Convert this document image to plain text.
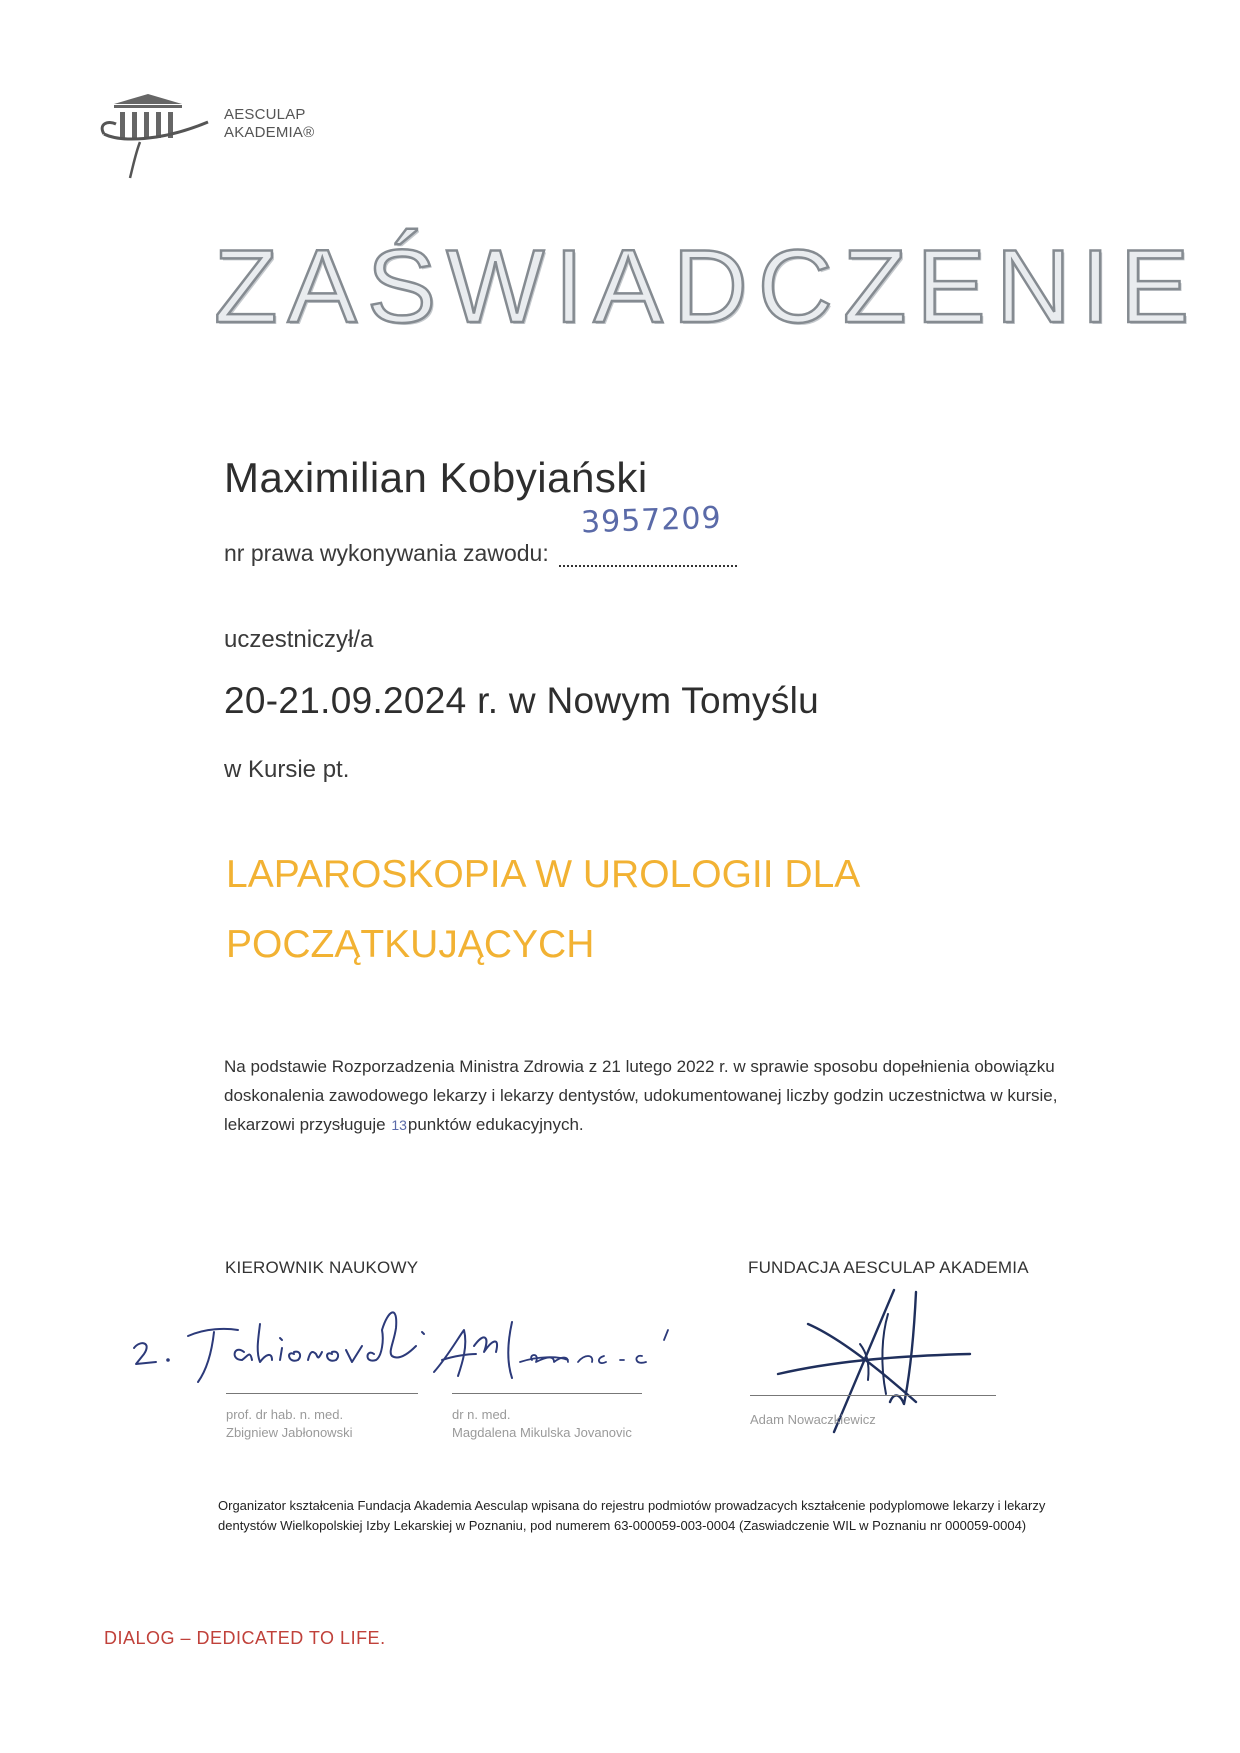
AESCULAP
AKADEMIA®
ZAŚWIADCZENIE
Maximilian Kobyiański
nr prawa wykonywania zawodu:
3957209
uczestniczył/a
20-21.09.2024 r. w Nowym Tomyślu
w Kursie pt.
LAPAROSKOPIA W UROLOGII DLA
POCZĄTKUJĄCYCH
Na podstawie Rozporzadzenia Ministra Zdrowia z 21 lutego 2022 r. w sprawie sposobu dopełnienia obowiązku
doskonalenia zawodowego lekarzy i lekarzy dentystów, udokumentowanej liczby godzin uczestnictwa w kursie,
lekarzowi przysługuje 13punktów edukacyjnych.
KIEROWNIK NAUKOWY	FUNDACJA AESCULAP AKADEMIA
prof. dr hab. n. med.
Zbigniew Jabłonowski
dr n. med.
Magdalena Mikulska Jovanovic
Adam Nowaczkiewicz
Organizator kształcenia Fundacja Akademia Aesculap wpisana do rejestru podmiotów prowadzacych kształcenie podyplomowe lekarzy i lekarzy
dentystów Wielkopolskiej Izby Lekarskiej w Poznaniu, pod numerem 63-000059-003-0004 (Zaswiadczenie WIL w Poznaniu nr 000059-0004)
DIALOG – DEDICATED TO LIFE.
